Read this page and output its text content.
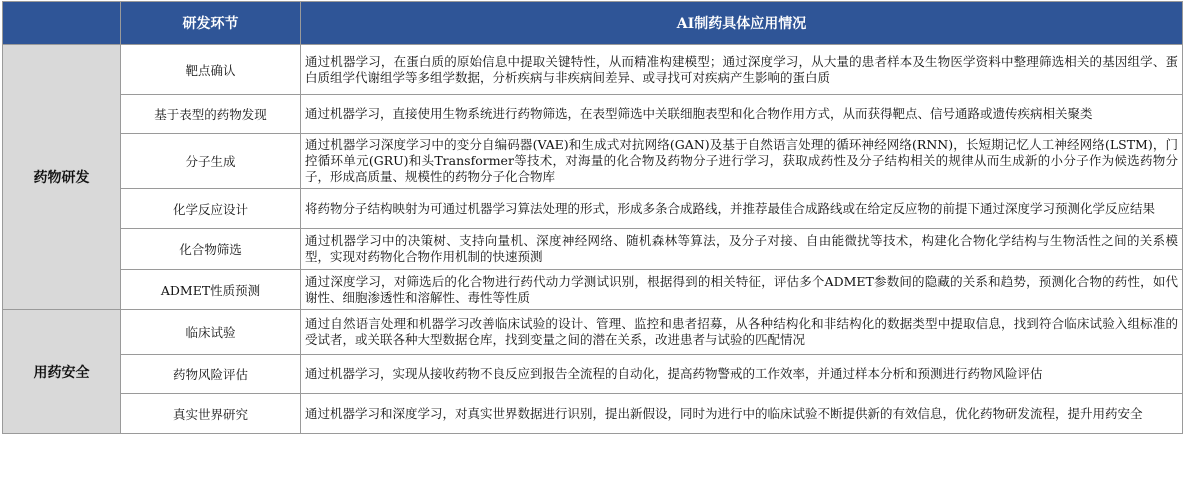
	研发环节	AI制药具体应用情况
药物研发	靶点确认	通过机器学习，在蛋白质的原始信息中提取关键特性，从而精准构建模型；通过深度学习，从大量的患者样本及生物医学资料中整理筛选相关的基因组学、蛋白质组学代谢组学等多组学数据，分析疾病与非疾病间差异、或寻找可对疾病产生影响的蛋白质
	基于表型的药物发现	通过机器学习，直接使用生物系统进行药物筛选，在表型筛选中关联细胞表型和化合物作用方式，从而获得靶点、信号通路或遗传疾病相关聚类
	分子生成	通过机器学习深度学习中的变分自编码器(VAE)和生成式对抗网络(GAN)及基于自然语言处理的循环神经网络(RNN)，长短期记忆人工神经网络(LSTM)，门控循环单元(GRU)和头Transformer等技术，对海量的化合物及药物分子进行学习，获取成药性及分子结构相关的规律从而生成新的小分子作为候选药物分子，形成高质量、规模性的药物分子化合物库
	化学反应设计	将药物分子结构映射为可通过机器学习算法处理的形式，形成多条合成路线，并推荐最佳合成路线或在给定反应物的前提下通过深度学习预测化学反应结果
	化合物筛选	通过机器学习中的决策树、支持向量机、深度神经网络、随机森林等算法，及分子对接、自由能微扰等技术，构建化合物化学结构与生物活性之间的关系模型，实现对药物化合物作用机制的快速预测
	ADMET性质预测	通过深度学习，对筛选后的化合物进行药代动力学测试识别，根据得到的相关特征，评估多个ADMET参数间的隐藏的关系和趋势，预测化合物的药性，如代谢性、细胞渗透性和溶解性、毒性等性质
用药安全	临床试验	通过自然语言处理和机器学习改善临床试验的设计、管理、监控和患者招募，从各种结构化和非结构化的数据类型中提取信息，找到符合临床试验入组标准的受试者，或关联各种大型数据仓库，找到变量之间的潜在关系，改进患者与试验的匹配情况
	药物风险评估	通过机器学习，实现从接收药物不良反应到报告全流程的自动化，提高药物警戒的工作效率，并通过样本分析和预测进行药物风险评估
	真实世界研究	通过机器学习和深度学习，对真实世界数据进行识别，提出新假设，同时为进行中的临床试验不断提供新的有效信息，优化药物研发流程，提升用药安全
